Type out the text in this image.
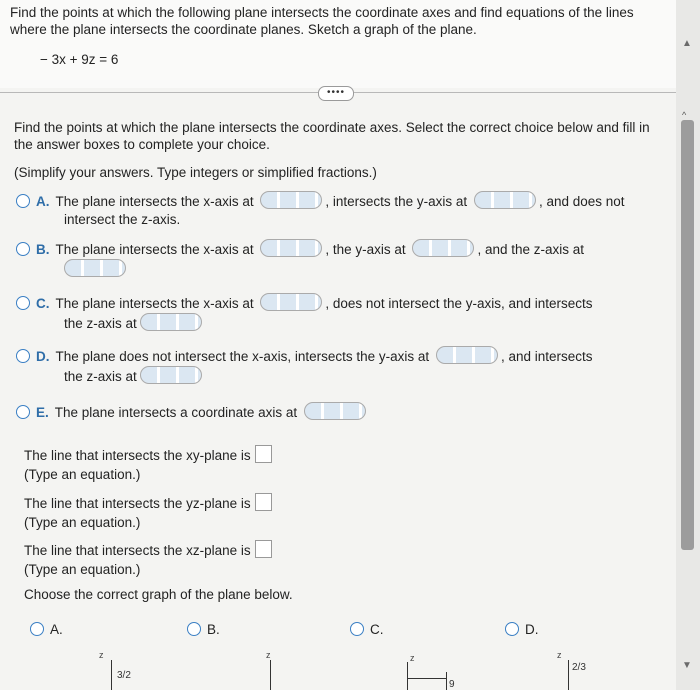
Find the points at which the following plane intersects the coordinate axes and find equations of the lines where the plane intersects the coordinate planes. Sketch a graph of the plane.
− 3x + 9z = 6
••••
Find the points at which the plane intersects the coordinate axes. Select the correct choice below and fill in the answer boxes to complete your choice.
(Simplify your answers. Type integers or simplified fractions.)
A. The plane intersects the x-axis at	, intersects the y-axis at	, and does not
intersect the z-axis.
B. The plane intersects the x-axis at	, the y-axis at	, and the z-axis at
C. The plane intersects the x-axis at	, does not intersect the y-axis, and intersects
the z-axis at
D. The plane does not intersect the x-axis, intersects the y-axis at	, and intersects
the z-axis at
E. The plane intersects a coordinate axis at
The line that intersects the xy-plane is
(Type an equation.)
The line that intersects the yz-plane is
(Type an equation.)
The line that intersects the xz-plane is
(Type an equation.)
Choose the correct graph of the plane below.
A.	B.	C.	D.
z
3/2
z	z
9
z
2/3
▲
^
▼
